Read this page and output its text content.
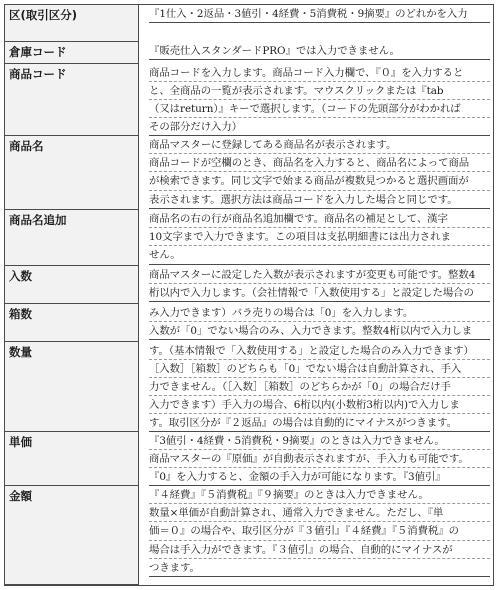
区(取引区分)	『1仕入・2返品・3値引・4経費・5消費税・9摘要』のどれかを入力
倉庫コード	『販売仕入スタンダードPRO』では入力できません。
商品コード	商品コードを入力します。商品コード入力欄で、『０』を入力すると
と、全商品の一覧が表示されます。マウスクリックまたは『tab
（又はreturn）』キーで選択します。（コードの先頭部分がわかれば
その部分だけ入力）
商品名	商品マスターに登録してある商品名が表示されます。
商品コードが空欄のとき、商品名を入力すると、商品名によって商品
が検索できます。同じ文字で始まる商品が複数見つかると選択画面が
表示されます。選択方法は商品コードを入力した場合と同じです。
商品名追加	商品名の右の行が商品名追加欄です。商品名の補足として、漢字
10文字まで入力できます。この項目は支払明細書には出力されま
せん。
入数	商品マスターに設定した入数が表示されますが変更も可能です。整数4
桁以内で入力します。（会社情報で「入数使用する」と設定した場合の
箱数	み入力できます）バラ売りの場合は「0」を入力します。
入数が「0」でない場合のみ、入力できます。整数4桁以内で入力しま
数量	す。（基本情報で「入数使用する」と設定した場合のみ入力できます）
［入数］［箱数］のどちらも「0」でない場合は自動計算され、手入
力できません。（［入数］［箱数］のどちらかが「0」の場合だけ手
入力できます）手入力の場合、6桁以内(小数桁3桁以内)で入力しま
す。取引区分が『２返品』の場合は自動的にマイナスがつきます。
単価	『3値引・4経費・5消費税・9摘要』のときは入力できません。
商品マスターの『原価』が自動表示されますが、手入力も可能です。
『0』を入力すると、金額の手入力が可能になります。『3値引』
金額	『４経費』『５消費税』『９摘要』のときは入力できません。
数量×単価が自動計算され、通常入力できません。ただし、『単
価＝０』の場合や、取引区分が『３値引』『４経費』『５消費税』の
場合は手入力ができます。『３値引』の場合、自動的にマイナスが
つきます。
